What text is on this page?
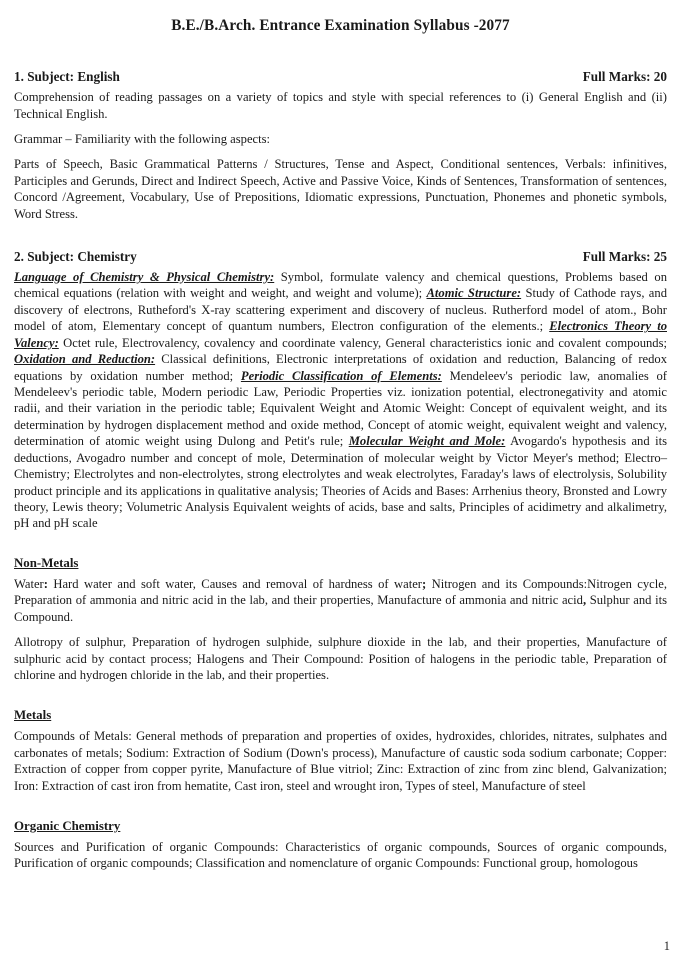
B.E./B.Arch. Entrance Examination Syllabus -2077
1. Subject: English	Full Marks: 20

Comprehension of reading passages on a variety of topics and style with special references to (i) General English and (ii) Technical English.

Grammar – Familiarity with the following aspects:

Parts of Speech, Basic Grammatical Patterns / Structures, Tense and Aspect, Conditional sentences, Verbals: infinitives, Participles and Gerunds, Direct and Indirect Speech, Active and Passive Voice, Kinds of Sentences, Transformation of sentences, Concord /Agreement, Vocabulary, Use of Prepositions, Idiomatic expressions, Punctuation, Phonemes and phonetic symbols, Word Stress.

2. Subject: Chemistry	Full Marks: 25

Language of Chemistry & Physical Chemistry: Symbol, formulate valency and chemical questions, Problems based on chemical equations (relation with weight and weight, and weight and volume); Atomic Structure: Study of Cathode rays, and discovery of electrons, Rutheford's X-ray scattering experiment and discovery of nucleus. Rutherford model of atom., Bohr model of atom, Elementary concept of quantum numbers, Electron configuration of the elements.; Electronics Theory to Valency: Octet rule, Electrovalency, covalency and coordinate valency, General characteristics ionic and covalent compounds; Oxidation and Reduction: Classical definitions, Electronic interpretations of oxidation and reduction, Balancing of redox equations by oxidation number method; Periodic Classification of Elements: Mendeleev's periodic law, anomalies of Mendeleev's periodic table, Modern periodic Law, Periodic Properties viz. ionization potential, electronegativity and atomic radii, and their variation in the periodic table; Equivalent Weight and Atomic Weight: Concept of equivalent weight, and its determination by hydrogen displacement method and oxide method, Concept of atomic weight, equivalent weight and valency, determination of atomic weight using Dulong and Petit's rule; Molecular Weight and Mole: Avogardo's hypothesis and its deductions, Avogadro number and concept of mole, Determination of molecular weight by Victor Meyer's method; Electro–Chemistry; Electrolytes and non-electrolytes, strong electrolytes and weak electrolytes, Faraday's laws of electrolysis, Solubility product principle and its applications in qualitative analysis; Theories of Acids and Bases: Arrhenius theory, Bronsted and Lowry theory, Lewis theory; Volumetric Analysis Equivalent weights of acids, base and salts, Principles of acidimetry and alkalimetry, pH and pH scale

Non-Metals

Water: Hard water and soft water, Causes and removal of hardness of water; Nitrogen and its Compounds:Nitrogen cycle, Preparation of ammonia and nitric acid in the lab, and their properties, Manufacture of ammonia and nitric acid, Sulphur and its Compound.

Allotropy of sulphur, Preparation of hydrogen sulphide, sulphure dioxide in the lab, and their properties, Manufacture of sulphuric acid by contact process; Halogens and Their Compound: Position of halogens in the periodic table, Preparation of chlorine and hydrogen chloride in the lab, and their properties.

Metals

Compounds of Metals: General methods of preparation and properties of oxides, hydroxides, chlorides, nitrates, sulphates and carbonates of metals; Sodium: Extraction of Sodium (Down's process), Manufacture of caustic soda sodium carbonate; Copper: Extraction of copper from copper pyrite, Manufacture of Blue vitriol; Zinc: Extraction of zinc from zinc blend, Galvanization; Iron: Extraction of cast iron from hematite, Cast iron, steel and wrought iron, Types of steel, Manufacture of steel

Organic Chemistry

Sources and Purification of organic Compounds: Characteristics of organic compounds, Sources of organic compounds, Purification of organic compounds; Classification and nomenclature of organic Compounds: Functional group, homologous

1
